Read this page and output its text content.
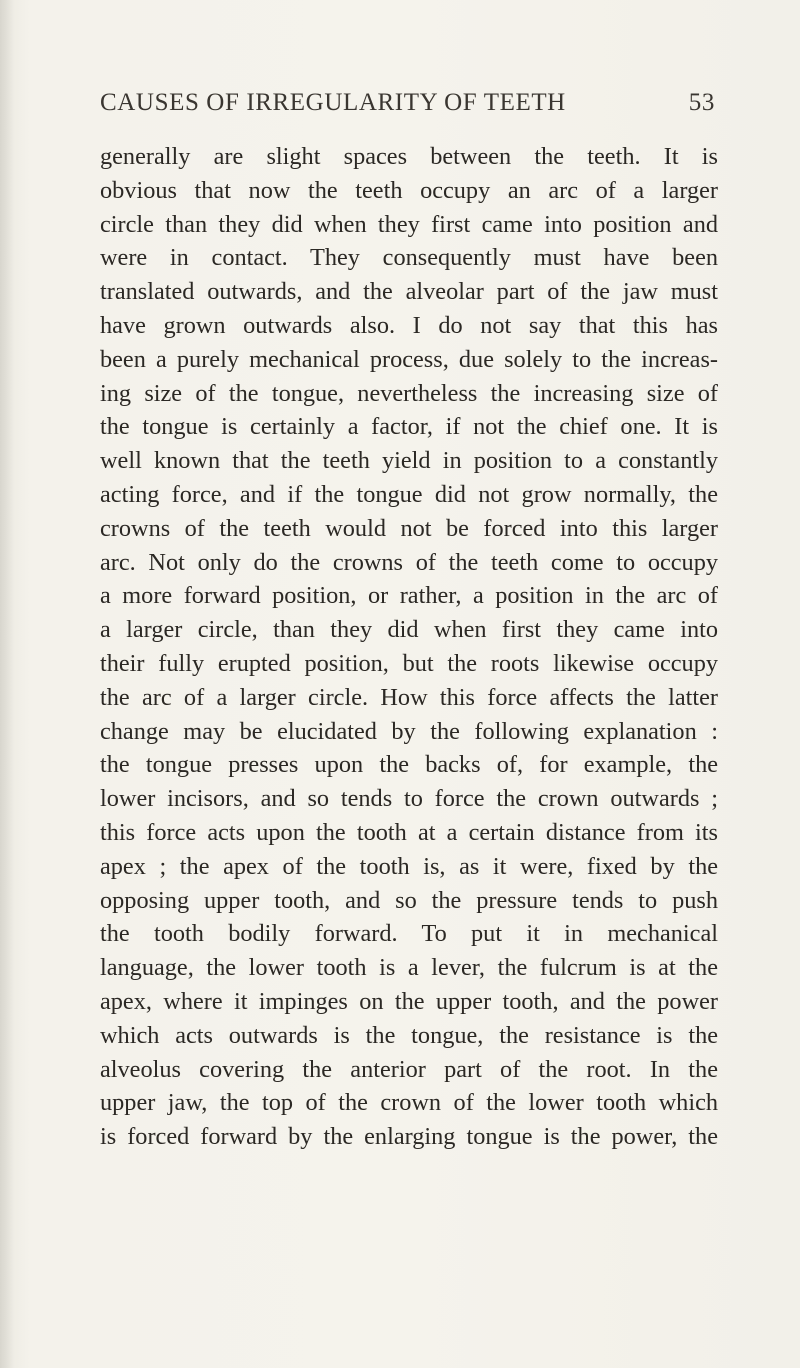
CAUSES OF IRREGULARITY OF TEETH	53
generally are slight spaces between the teeth. It is
obvious that now the teeth occupy an arc of a larger
circle than they did when they first came into position and
were in contact. They consequently must have been
translated outwards, and the alveolar part of the jaw must
have grown outwards also. I do not say that this has
been a purely mechanical process, due solely to the increas-
ing size of the tongue, nevertheless the increasing size of
the tongue is certainly a factor, if not the chief one. It is
well known that the teeth yield in position to a constantly
acting force, and if the tongue did not grow normally, the
crowns of the teeth would not be forced into this larger
arc. Not only do the crowns of the teeth come to occupy
a more forward position, or rather, a position in the arc of
a larger circle, than they did when first they came into
their fully erupted position, but the roots likewise occupy
the arc of a larger circle. How this force affects the latter
change may be elucidated by the following explanation :
the tongue presses upon the backs of, for example, the
lower incisors, and so tends to force the crown outwards ;
this force acts upon the tooth at a certain distance from its
apex ; the apex of the tooth is, as it were, fixed by the
opposing upper tooth, and so the pressure tends to push
the tooth bodily forward. To put it in mechanical
language, the lower tooth is a lever, the fulcrum is at the
apex, where it impinges on the upper tooth, and the power
which acts outwards is the tongue, the resistance is the
alveolus covering the anterior part of the root. In the
upper jaw, the top of the crown of the lower tooth which
is forced forward by the enlarging tongue is the power, the
